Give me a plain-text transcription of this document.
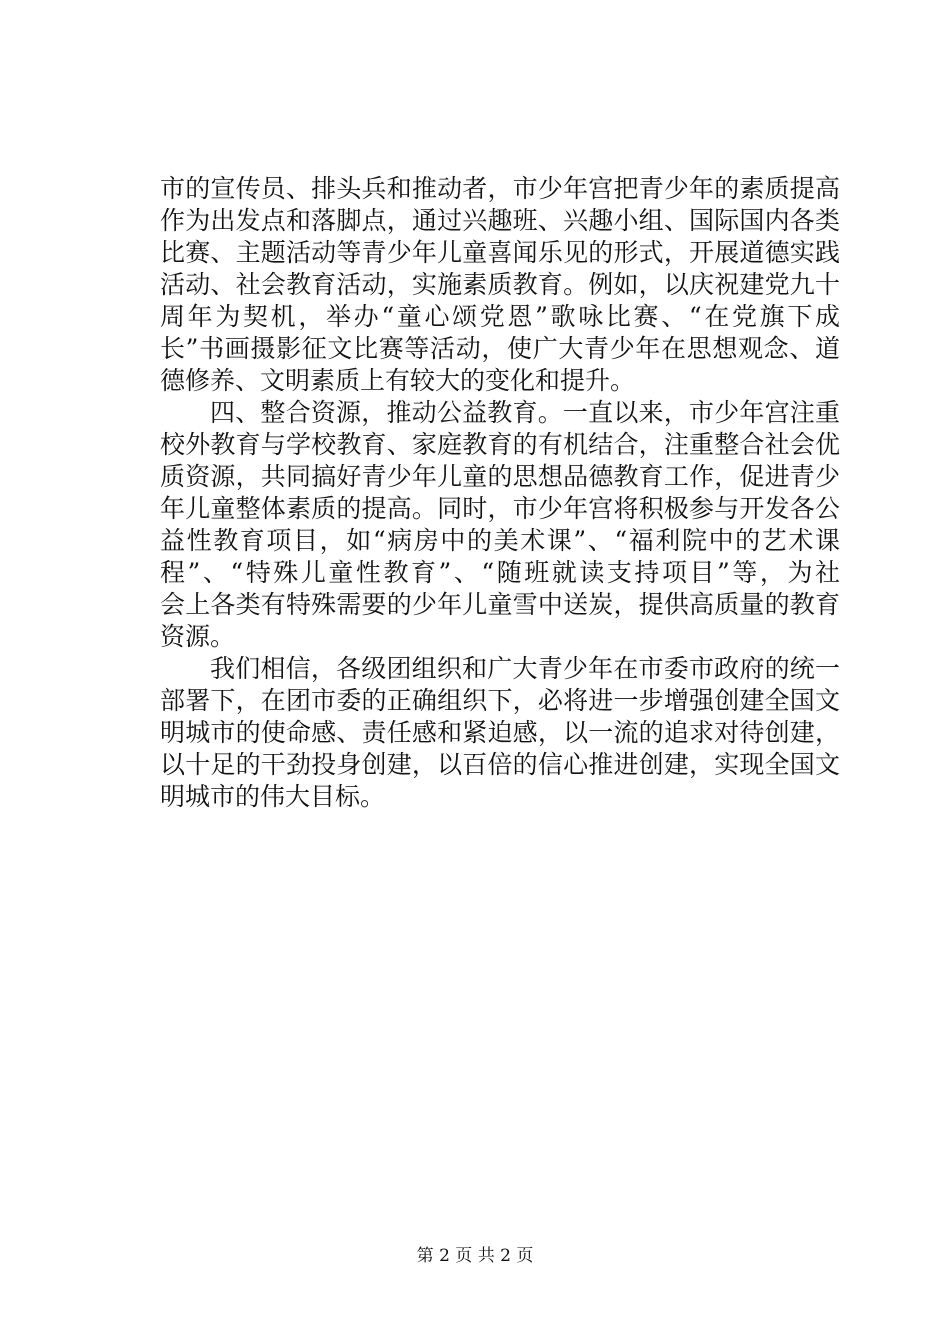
市的宣传员、排头兵和推动者，市少年宫把青少年的素质提高
作为出发点和落脚点，通过兴趣班、兴趣小组、国际国内各类
比赛、主题活动等青少年儿童喜闻乐见的形式，开展道德实践
活动、社会教育活动，实施素质教育。例如，以庆祝建党九十
周年为契机，举办“童心颂党恩”歌咏比赛、“在党旗下成
长”书画摄影征文比赛等活动，使广大青少年在思想观念、道
德修养、文明素质上有较大的变化和提升。
四、整合资源，推动公益教育。一直以来，市少年宫注重
校外教育与学校教育、家庭教育的有机结合，注重整合社会优
质资源，共同搞好青少年儿童的思想品德教育工作，促进青少
年儿童整体素质的提高。同时，市少年宫将积极参与开发各公
益性教育项目，如“病房中的美术课”、“福利院中的艺术课
程”、“特殊儿童性教育”、“随班就读支持项目”等，为社
会上各类有特殊需要的少年儿童雪中送炭，提供高质量的教育
资源。
我们相信，各级团组织和广大青少年在市委市政府的统一
部署下，在团市委的正确组织下，必将进一步增强创建全国文
明城市的使命感、责任感和紧迫感，以一流的追求对待创建，
以十足的干劲投身创建，以百倍的信心推进创建，实现全国文
明城市的伟大目标。
第 2 页 共 2 页
